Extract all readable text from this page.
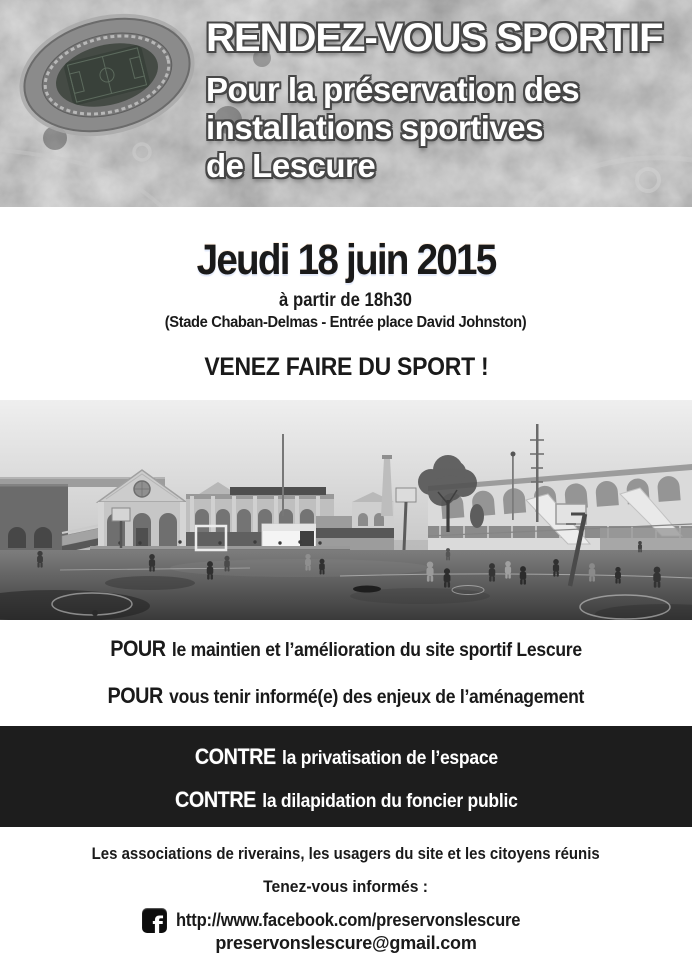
RENDEZ-VOUS SPORTIF
Pour la préservation des
installations sportives
de Lescure
Jeudi 18 juin 2015
à partir de 18h30
(Stade Chaban-Delmas - Entrée place David Johnston)
VENEZ FAIRE DU SPORT !

POUR le maintien et l’amélioration du site sportif Lescure

POUR vous tenir informé(e) des enjeux de l’aménagement

CONTRE la privatisation de l’espace

CONTRE la dilapidation du foncier public

Les associations de riverains, les usagers du site et les citoyens réunis
Tenez-vous informés :
f http://www.facebook.com/preservonslescure
preservonslescure@gmail.com
